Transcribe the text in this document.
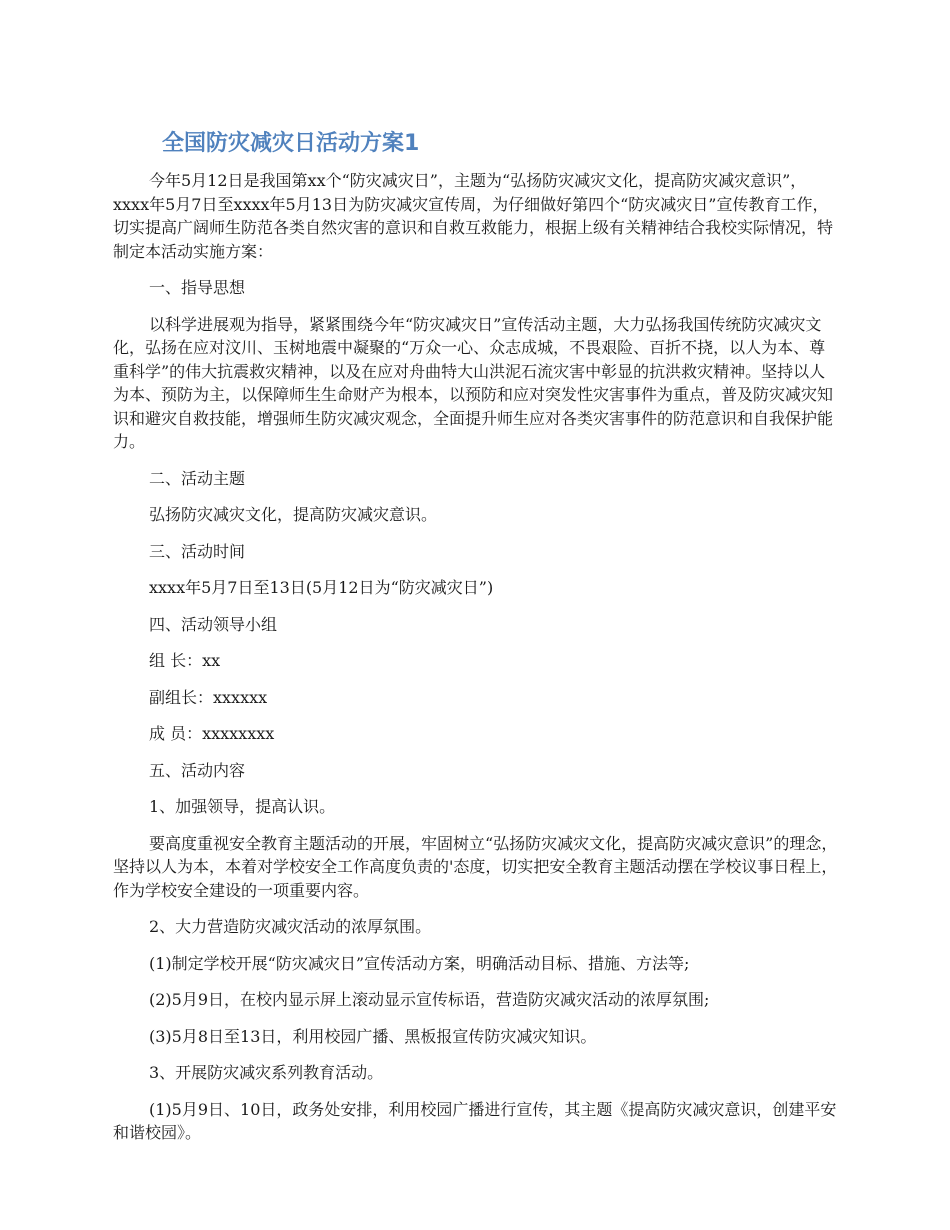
全国防灾减灾日活动方案1

今年5月12日是我国第xx个“防灾减灾日”，主题为“弘扬防灾减灾文化，提高防灾减灾意识”，xxxx年5月7日至xxxx年5月13日为防灾减灾宣传周，为仔细做好第四个“防灾减灾日”宣传教育工作，切实提高广阔师生防范各类自然灾害的意识和自救互救能力，根据上级有关精神结合我校实际情况，特制定本活动实施方案：

一、指导思想

以科学进展观为指导，紧紧围绕今年“防灾减灾日”宣传活动主题，大力弘扬我国传统防灾减灾文化，弘扬在应对汶川、玉树地震中凝聚的“万众一心、众志成城，不畏艰险、百折不挠，以人为本、尊重科学”的伟大抗震救灾精神，以及在应对舟曲特大山洪泥石流灾害中彰显的抗洪救灾精神。坚持以人为本、预防为主，以保障师生生命财产为根本，以预防和应对突发性灾害事件为重点，普及防灾减灾知识和避灾自救技能，增强师生防灾减灾观念，全面提升师生应对各类灾害事件的防范意识和自我保护能力。

二、活动主题

弘扬防灾减灾文化，提高防灾减灾意识。

三、活动时间

xxxx年5月7日至13日(5月12日为“防灾减灾日”)

四、活动领导小组

组 长：xx

副组长：xxxxxx

成 员：xxxxxxxx

五、活动内容

1、加强领导，提高认识。

要高度重视安全教育主题活动的开展，牢固树立“弘扬防灾减灾文化，提高防灾减灾意识”的理念，坚持以人为本，本着对学校安全工作高度负责的'态度，切实把安全教育主题活动摆在学校议事日程上，作为学校安全建设的一项重要内容。

2、大力营造防灾减灾活动的浓厚氛围。

(1)制定学校开展“防灾减灾日”宣传活动方案，明确活动目标、措施、方法等;

(2)5月9日，在校内显示屏上滚动显示宣传标语，营造防灾减灾活动的浓厚氛围;

(3)5月8日至13日，利用校园广播、黑板报宣传防灾减灾知识。

3、开展防灾减灾系列教育活动。

(1)5月9日、10日，政务处安排，利用校园广播进行宣传，其主题《提高防灾减灾意识，创建平安和谐校园》。
